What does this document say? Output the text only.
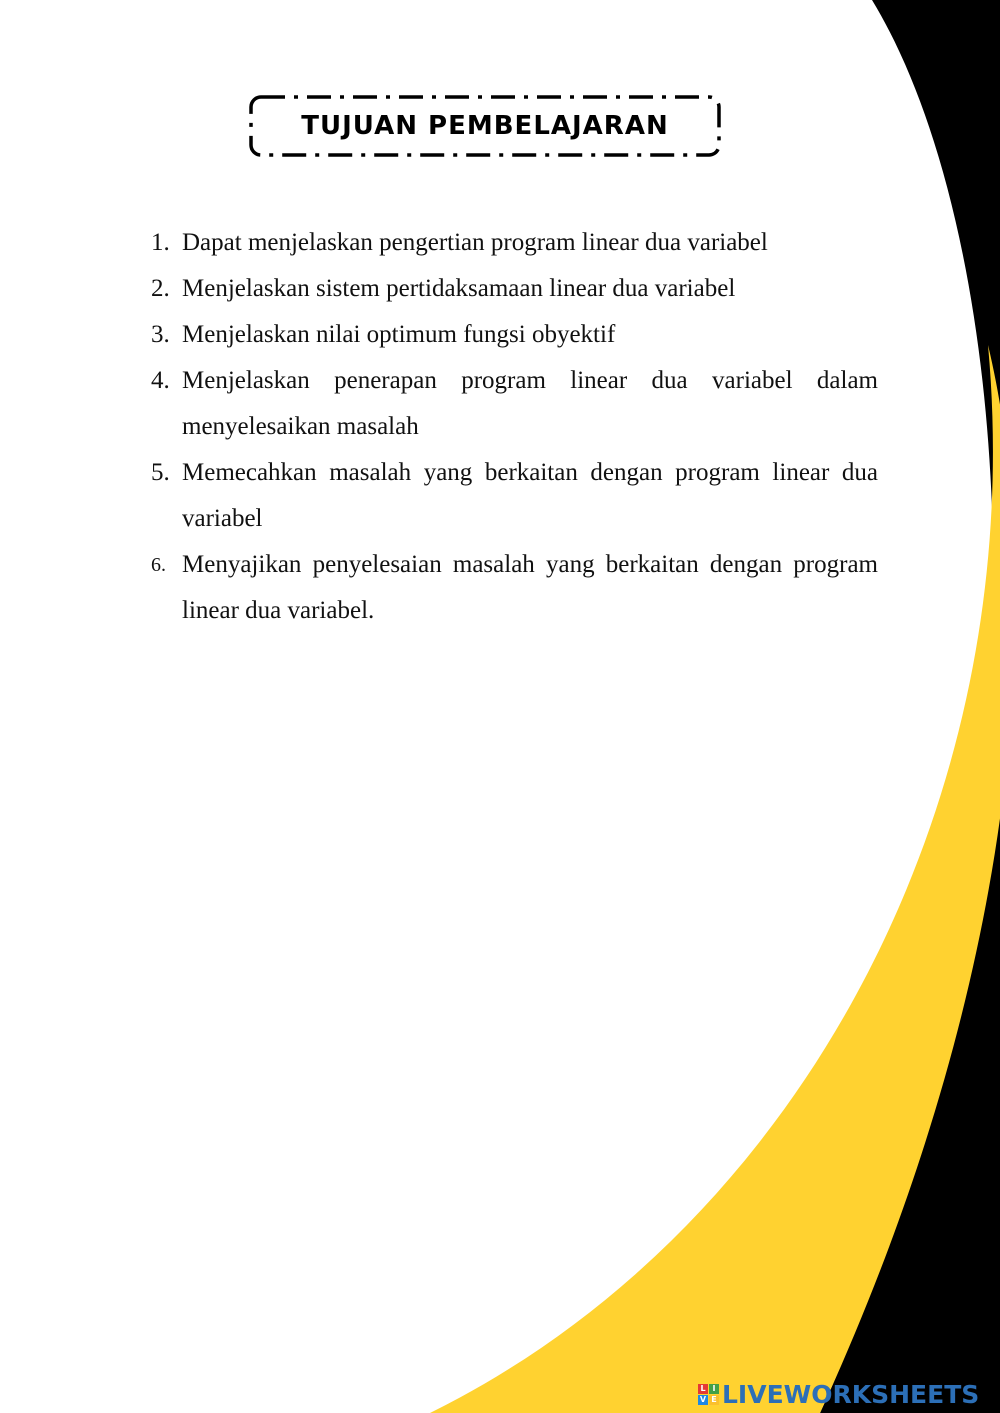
TUJUAN PEMBELAJARAN
1. Dapat menjelaskan pengertian program linear dua variabel
2. Menjelaskan sistem pertidaksamaan linear dua variabel
3. Menjelaskan nilai optimum fungsi obyektif
4. Menjelaskan penerapan program linear dua variabel dalam menyelesaikan masalah
5. Memecahkan masalah yang berkaitan dengan program linear dua variabel
6. Menyajikan penyelesaian masalah yang berkaitan dengan program linear dua variabel.
L I
V E LIVEWORKSHEETS
